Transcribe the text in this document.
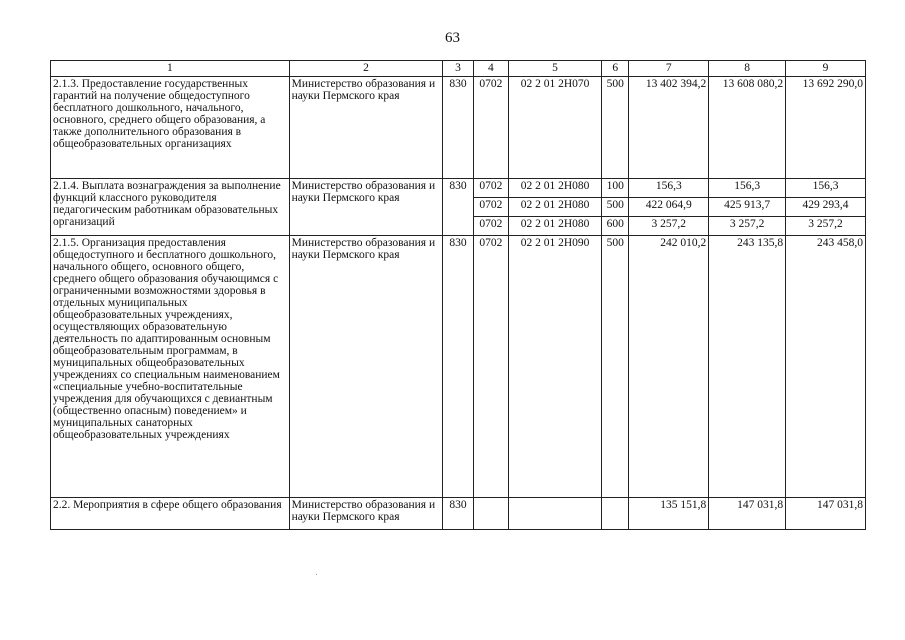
63
1	2	3	4	5	6	7	8	9
2.1.3. Предоставление государственных гарантий на получение общедоступного бесплатного дошкольного, начального, основного, среднего общего образования, а также дополнительного образования в общеобразовательных организациях	Министерство образования и науки Пермского края	830	0702	02 2 01 2Н070	500	13 402 394,2	13 608 080,2	13 692 290,0
2.1.4. Выплата вознаграждения за выполнение функций классного руководителя педагогическим работникам образовательных организаций	Министерство образования и науки Пермского края	830	0702	02 2 01 2Н080	100	156,3	156,3	156,3
			0702	02 2 01 2Н080	500	422 064,9	425 913,7	429 293,4
			0702	02 2 01 2Н080	600	3 257,2	3 257,2	3 257,2
2.1.5. Организация предоставления общедоступного и бесплатного дошкольного, начального общего, основного общего, среднего общего образования обучающимся с ограниченными возможностями здоровья в отдельных муниципальных общеобразовательных учреждениях, осуществляющих образовательную деятельность по адаптированным основным общеобразовательным программам, в муниципальных общеобразовательных учреждениях со специальным наименованием «специальные учебно-воспитательные учреждения для обучающихся с девиантным (общественно опасным) поведением» и муниципальных санаторных общеобразовательных учреждениях	Министерство образования и науки Пермского края	830	0702	02 2 01 2Н090	500	242 010,2	243 135,8	243 458,0
2.2. Мероприятия в сфере общего образования	Министерство образования и науки Пермского края	830				135 151,8	147 031,8	147 031,8
